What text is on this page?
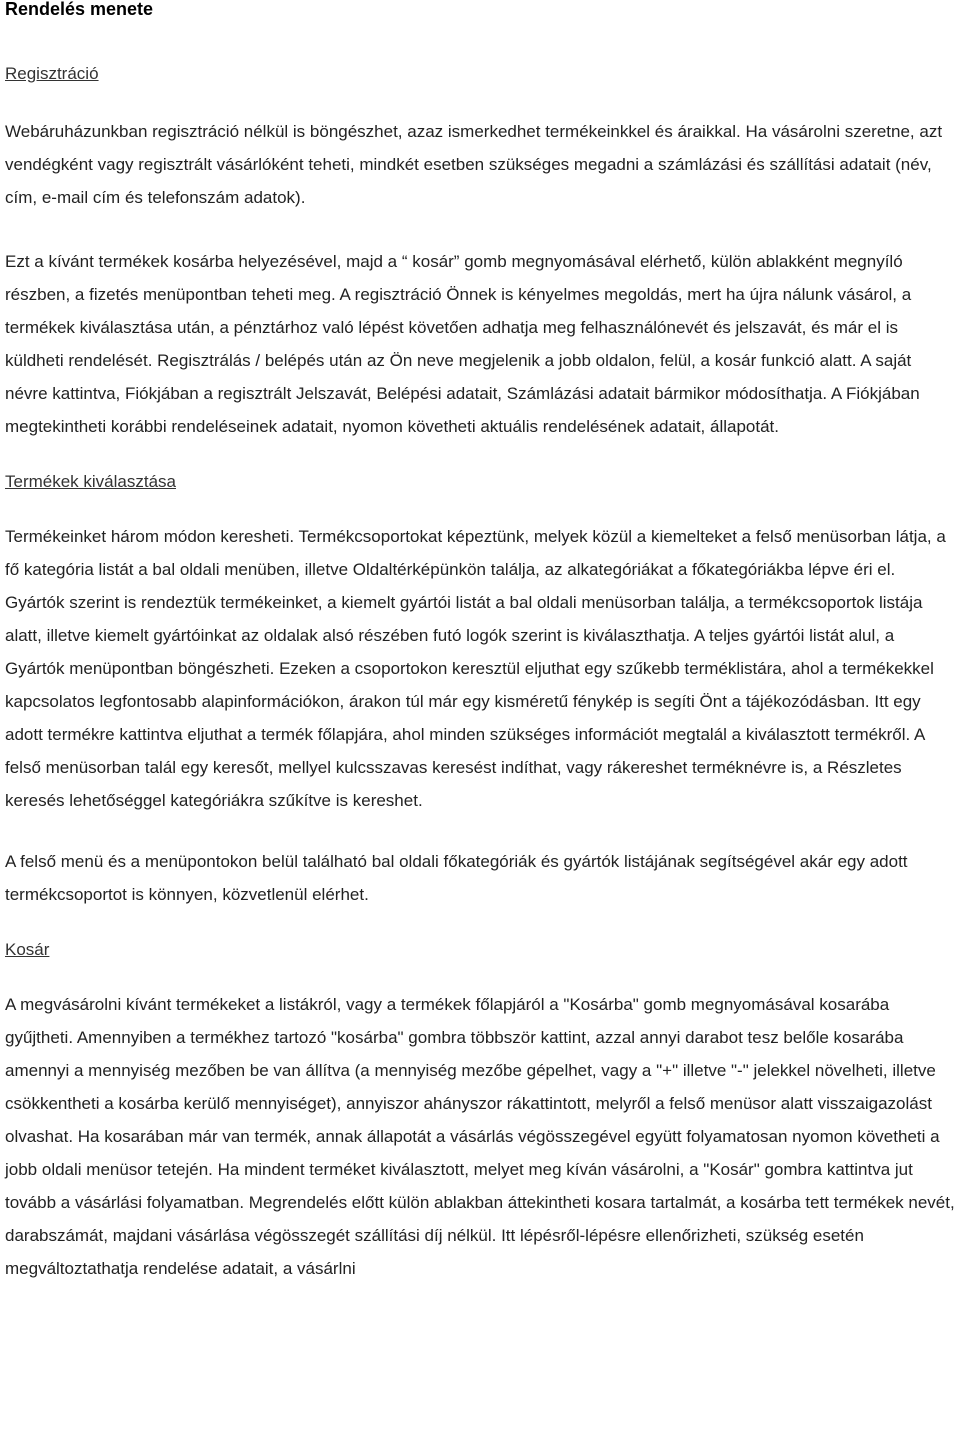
Rendelés menete
Regisztráció

Webáruházunkban regisztráció nélkül is böngészhet, azaz ismerkedhet termékeinkkel és áraikkal. Ha vásárolni szeretne, azt vendégként vagy regisztrált vásárlóként teheti, mindkét esetben szükséges megadni a számlázási és szállítási adatait (név, cím, e-mail cím és telefonszám adatok).

Ezt a kívánt termékek kosárba helyezésével, majd a “ kosár” gomb megnyomásával elérhető, külön ablakként megnyíló részben, a fizetés menüpontban teheti meg. A regisztráció Önnek is kényelmes megoldás, mert ha újra nálunk vásárol, a termékek kiválasztása után, a pénztárhoz való lépést követően adhatja meg felhasználónevét és jelszavát, és már el is küldheti rendelését. Regisztrálás / belépés után az Ön neve megjelenik a jobb oldalon, felül, a kosár funkció alatt. A saját névre kattintva, Fiókjában a regisztrált Jelszavát, Belépési adatait, Számlázási adatait bármikor módosíthatja. A Fiókjában megtekintheti korábbi rendeléseinek adatait, nyomon követheti aktuális rendelésének adatait, állapotát.

Termékek kiválasztása

Termékeinket három módon keresheti. Termékcsoportokat képeztünk, melyek közül a kiemelteket a felső menüsorban látja, a fő kategória listát a bal oldali menüben, illetve Oldaltérképünkön találja, az alkategóriákat a főkategóriákba lépve éri el. Gyártók szerint is rendeztük termékeinket, a kiemelt gyártói listát a bal oldali menüsorban találja, a termékcsoportok listája alatt, illetve kiemelt gyártóinkat az oldalak alsó részében futó logók szerint is kiválaszthatja. A teljes gyártói listát alul, a Gyártók menüpontban böngészheti. Ezeken a csoportokon keresztül eljuthat egy szűkebb terméklistára, ahol a termékekkel kapcsolatos legfontosabb alapinformációkon, árakon túl már egy kisméretű fénykép is segíti Önt a tájékozódásban. Itt egy adott termékre kattintva eljuthat a termék főlapjára, ahol minden szükséges információt megtalál a kiválasztott termékről. A felső menüsorban talál egy keresőt, mellyel kulcsszavas keresést indíthat, vagy rákereshet terméknévre is, a Részletes keresés lehetőséggel kategóriákra szűkítve is kereshet.

A felső menü és a menüpontokon belül található bal oldali főkategóriák és gyártók listájának segítségével akár egy adott termékcsoportot is könnyen, közvetlenül elérhet.

Kosár

A megvásárolni kívánt termékeket a listákról, vagy a termékek főlapjáról a "Kosárba" gomb megnyomásával kosarába gyűjtheti. Amennyiben a termékhez tartozó "kosárba" gombra többször kattint, azzal annyi darabot tesz belőle kosarába amennyi a mennyiség mezőben be van állítva (a mennyiség mezőbe gépelhet, vagy a "+" illetve "-" jelekkel növelheti, illetve csökkentheti a kosárba kerülő mennyiséget), annyiszor ahányszor rákattintott, melyről a felső menüsor alatt visszaigazolást olvashat. Ha kosarában már van termék, annak állapotát a vásárlás végösszegével együtt folyamatosan nyomon követheti a jobb oldali menüsor tetején. Ha mindent terméket kiválasztott, melyet meg kíván vásárolni, a "Kosár" gombra kattintva jut tovább a vásárlási folyamatban. Megrendelés előtt külön ablakban áttekintheti kosara tartalmát, a kosárba tett termékek nevét, darabszámát, majdani vásárlása végösszegét szállítási díj nélkül. Itt lépésről-lépésre ellenőrizheti, szükség esetén megváltoztathatja rendelése adatait, a vásárlni
